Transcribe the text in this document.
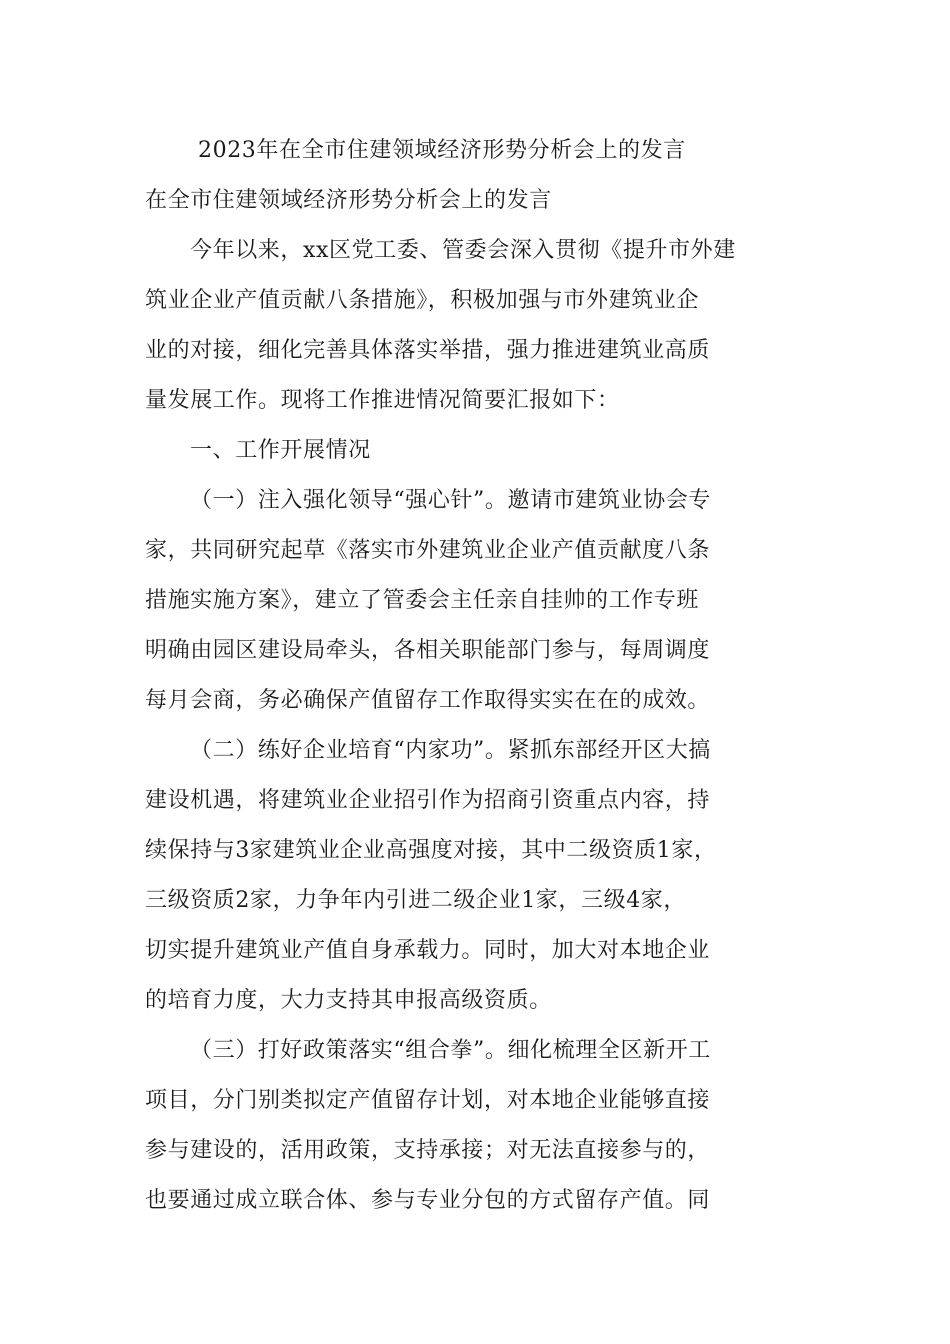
2023年在全市住建领域经济形势分析会上的发言

在全市住建领域经济形势分析会上的发言

今年以来，xx区党工委、管委会深入贯彻《提升市外建

筑业企业产值贡献八条措施》，积极加强与市外建筑业企

业的对接，细化完善具体落实举措，强力推进建筑业高质

量发展工作。现将工作推进情况简要汇报如下：

一、工作开展情况

（一）注入强化领导“强心针”。邀请市建筑业协会专

家，共同研究起草《落实市外建筑业企业产值贡献度八条

措施实施方案》，建立了管委会主任亲自挂帅的工作专班

明确由园区建设局牵头，各相关职能部门参与，每周调度

每月会商，务必确保产值留存工作取得实实在在的成效。

（二）练好企业培育“内家功”。紧抓东部经开区大搞

建设机遇，将建筑业企业招引作为招商引资重点内容，持

续保持与3家建筑业企业高强度对接，其中二级资质1家，

三级资质2家，力争年内引进二级企业1家，三级4家，

切实提升建筑业产值自身承载力。同时，加大对本地企业

的培育力度，大力支持其申报高级资质。

（三）打好政策落实“组合拳”。细化梳理全区新开工

项目，分门别类拟定产值留存计划，对本地企业能够直接

参与建设的，活用政策，支持承接；对无法直接参与的，

也要通过成立联合体、参与专业分包的方式留存产值。同
